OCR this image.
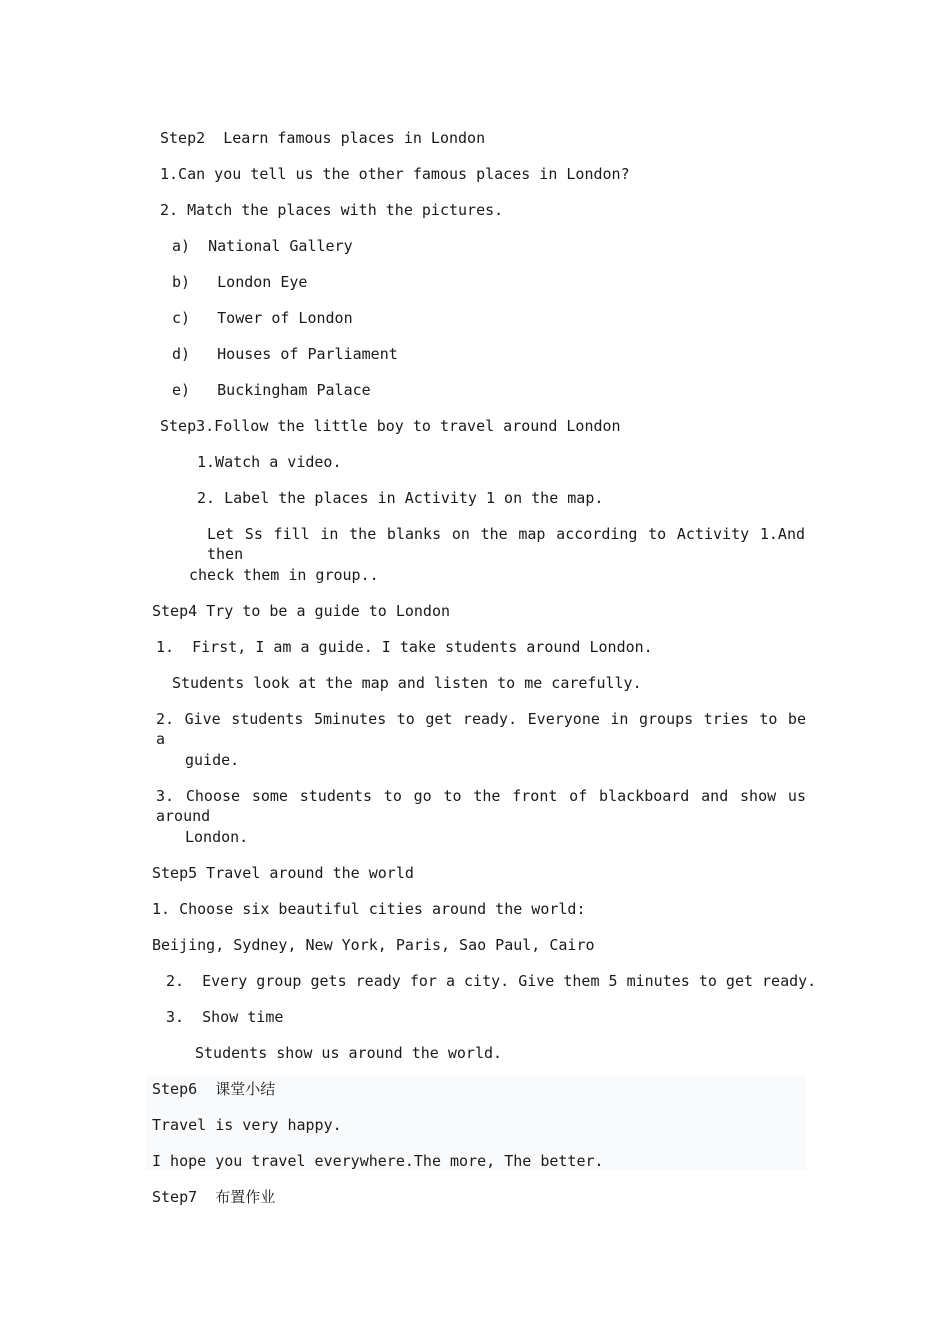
Step2  Learn famous places in London
1.Can you tell us the other famous places in London?
2. Match the places with the pictures.
a)  National Gallery
b)   London Eye
c)   Tower of London
d)   Houses of Parliament
e)   Buckingham Palace
Step3.Follow the little boy to travel around London
1.Watch a video.
2. Label the places in Activity 1 on the map.
Let Ss fill in the blanks on the map according to Activity 1.And then
check them in group..
Step4 Try to be a guide to London
1.  First, I am a guide. I take students around London.
Students look at the map and listen to me carefully.
2. Give students 5minutes to get ready. Everyone in groups tries to be a
guide.
3. Choose some students to go to the front of blackboard and show us around
London.
Step5 Travel around the world
1. Choose six beautiful cities around the world:
Beijing, Sydney, New York, Paris, Sao Paul, Cairo
2.  Every group gets ready for a city. Give them 5 minutes to get ready.
3.  Show time
Students show us around the world.
Step6  课堂小结
Travel is very happy.
I hope you travel everywhere.The more, The better.
Step7  布置作业
